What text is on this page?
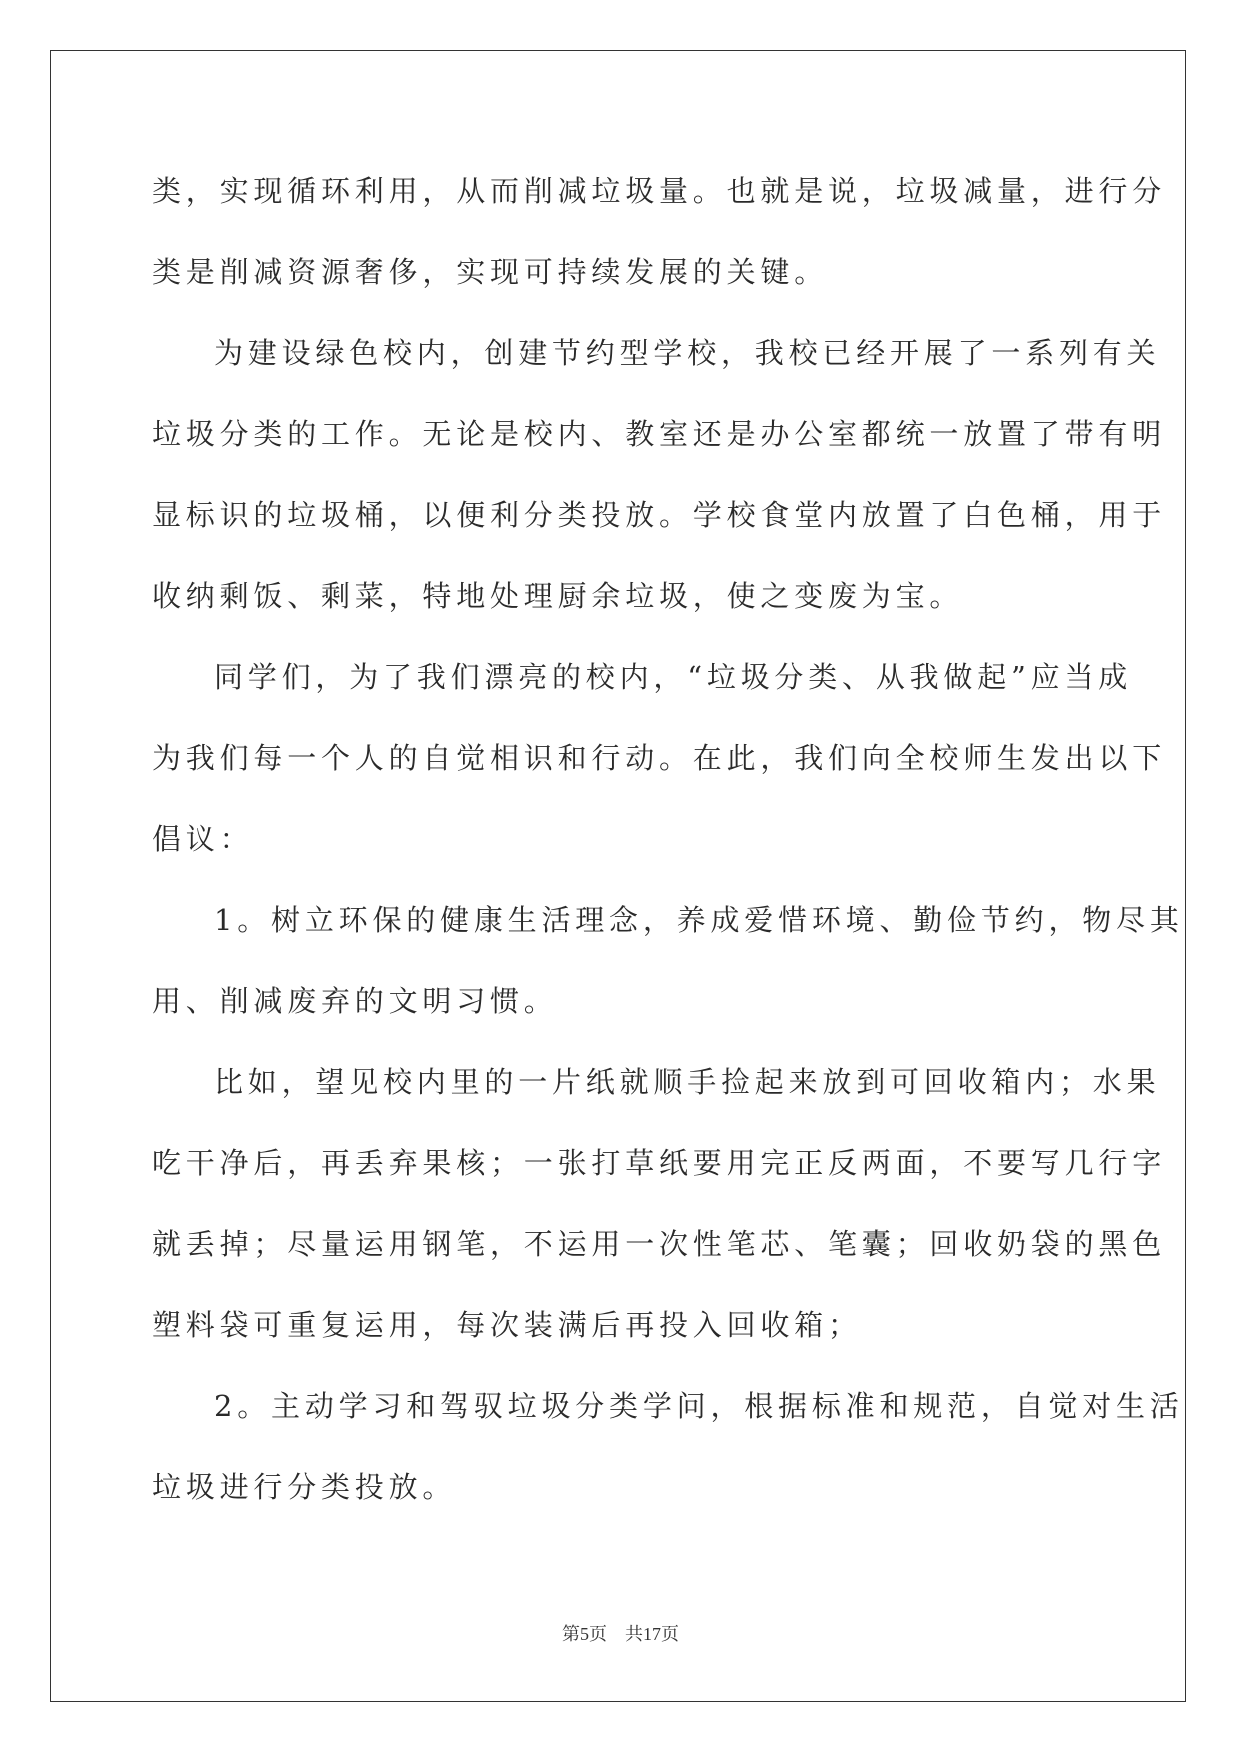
类，实现循环利用，从而削减垃圾量。也就是说，垃圾减量，进行分
类是削减资源奢侈，实现可持续发展的关键。
为建设绿色校内，创建节约型学校，我校已经开展了一系列有关
垃圾分类的工作。无论是校内、教室还是办公室都统一放置了带有明
显标识的垃圾桶，以便利分类投放。学校食堂内放置了白色桶，用于
收纳剩饭、剩菜，特地处理厨余垃圾，使之变废为宝。
同学们，为了我们漂亮的校内，“垃圾分类、从我做起”应当成
为我们每一个人的自觉相识和行动。在此，我们向全校师生发出以下
倡议：
1。树立环保的健康生活理念，养成爱惜环境、勤俭节约，物尽其
用、削减废弃的文明习惯。
比如，望见校内里的一片纸就顺手捡起来放到可回收箱内；水果
吃干净后，再丢弃果核；一张打草纸要用完正反两面，不要写几行字
就丢掉；尽量运用钢笔，不运用一次性笔芯、笔囊；回收奶袋的黑色
塑料袋可重复运用，每次装满后再投入回收箱；
2。主动学习和驾驭垃圾分类学问，根据标准和规范，自觉对生活
垃圾进行分类投放。
第5页 共17页
